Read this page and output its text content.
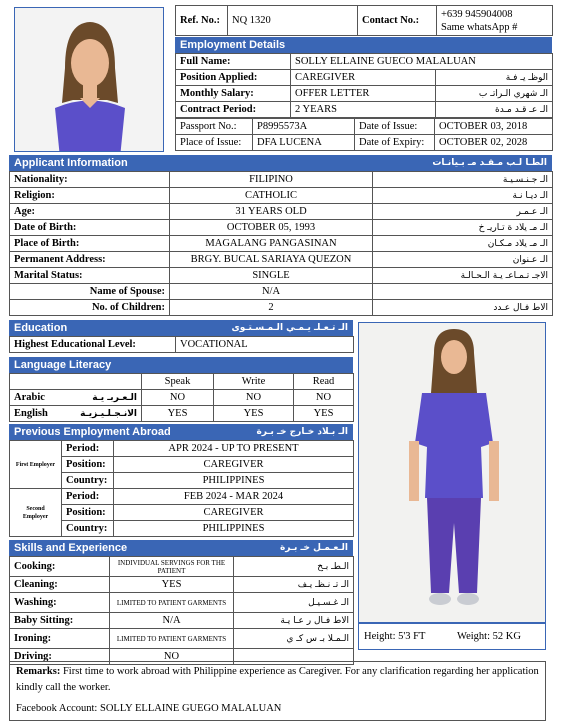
Ref. No.:	NQ 1320	Contact No.:	
+639 945904008
Same whatsApp #
Employment Details
Full Name:	SOLLY ELLAINE GUECO MALALUAN	
Position Applied:	CAREGIVER	الوظـ يـ فـة
Monthly Salary:	OFFER LETTER	الـ شهري الـراتـ ب
Contract Period:	2 YEARS	الـ عـ قـد مـدة
Passport No.:	P8995573A	Date of Issue:	OCTOBER 03, 2018
Place of Issue:	DFA LUCENA	Date of Expiry:	OCTOBER 02, 2028
Applicant Information	الطـا لـب مـقـد مـ بـيانـات
Nationality:	FILIPINO	الـ جـنـسـيـة
Religion:	CATHOLIC	الـ ديـا نـة
Age:	31 YEARS OLD	الـ عـمـر
Date of Birth:	OCTOBER 05, 1993	الـ مـ يلاد ة تـاريـ خ
Place of Birth:	MAGALANG PANGASINAN	الـ مـ يلاد مـكـان
Permanent Address:	BRGY. BUCAL SARIAYA QUEZON	الـ عـنوان
Marital Status:	SINGLE	الاجـ تـمـاعـ يـة الـحـالـة
Name of Spouse:	N/A	
No. of Children:	2	الاط فـال عـدد
Education	الـ تـعـلـ يـمـي الـمـسـتـوى
Highest Educational Level:	VOCATIONAL
Language Literacy
	Speak	Write	Read
Arabic الـعـربـ يـة	NO	NO	NO
English الانـجـلـيـزيـة	YES	YES	YES
Previous Employment Abroad	الـ بـلاد خـارج خـ بـرة
First Employer	Period:	APR 2024 - UP TO PRESENT
	Position:	CAREGIVER
	Country:	PHILIPPINES
Second Employer	Period:	FEB 2024 - MAR 2024
	Position:	CAREGIVER
	Country:	PHILIPPINES
Skills and Experience	الـعـمـل خـ بـرة
Cooking:	INDIVIDUAL SERVINGS FOR THE PATIENT	الـطـ بـخ
Cleaning:	YES	الـ تـ نـظـ يـف
Washing:	LIMITED TO PATIENT GARMENTS	الـ غـسـيـل
Baby Sitting:	N/A	الاط فـال ر عـا يـة
Ironing:	LIMITED TO PATIENT GARMENTS	الـمـلا بـ س كـ ي
Driving:	NO	
Height: 5'3 FT	Weight: 52 KG
Remarks: First time to work abroad with Philippine experience as Caregiver. For any clarification regarding her application kindly call the worker.
Facebook Account: SOLLY ELLAINE GUEGO MALALUAN
